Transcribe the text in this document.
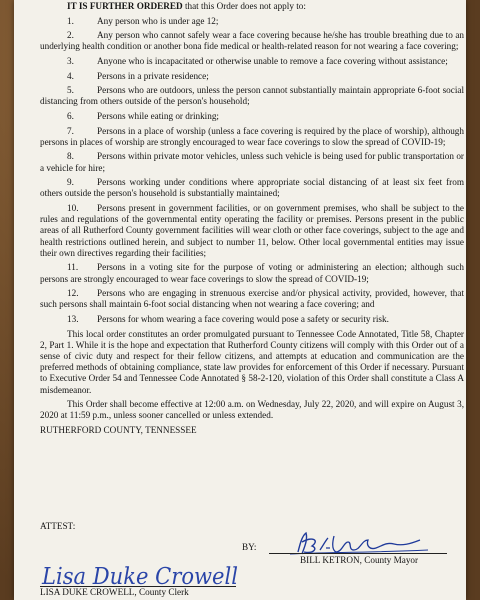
IT IS FURTHER ORDERED that this Order does not apply to:

1.	Any person who is under age 12;

2.	Any person who cannot safely wear a face covering because he/she has trouble breathing due to an underlying health condition or another bona fide medical or health-related reason for not wearing a face covering;

3.	Anyone who is incapacitated or otherwise unable to remove a face covering without assistance;

4.	Persons in a private residence;

5.	Persons who are outdoors, unless the person cannot substantially maintain appropriate 6-foot social distancing from others outside of the person's household;

6.	Persons while eating or drinking;

7.	Persons in a place of worship (unless a face covering is required by the place of worship), although persons in places of worship are strongly encouraged to wear face coverings to slow the spread of COVID-19;

8.	Persons within private motor vehicles, unless such vehicle is being used for public transportation or a vehicle for hire;

9.	Persons working under conditions where appropriate social distancing of at least six feet from others outside the person's household is substantially maintained;

10. Persons present in government facilities, or on government premises, who shall be subject to the rules and regulations of the governmental entity operating the facility or premises. Persons present in the public areas of all Rutherford County government facilities will wear cloth or other face coverings, subject to the age and health restrictions outlined herein, and subject to number 11, below. Other local governmental entities may issue their own directives regarding their facilities;

11. Persons in a voting site for the purpose of voting or administering an election; although such persons are strongly encouraged to wear face coverings to slow the spread of COVID-19;

12. Persons who are engaging in strenuous exercise and/or physical activity, provided, however, that such persons shall maintain 6-foot social distancing when not wearing a face covering; and

13. Persons for whom wearing a face covering would pose a safety or security risk.

This local order constitutes an order promulgated pursuant to Tennessee Code Annotated, Title 58, Chapter 2, Part 1. While it is the hope and expectation that Rutherford County citizens will comply with this Order out of a sense of civic duty and respect for their fellow citizens, and attempts at education and communication are the preferred methods of obtaining compliance, state law provides for enforcement of this Order if necessary. Pursuant to Executive Order 54 and Tennessee Code Annotated § 58-2-120, violation of this Order shall constitute a Class A misdemeanor.

This Order shall become effective at 12:00 a.m. on Wednesday, July 22, 2020, and will expire on August 3, 2020 at 11:59 p.m., unless sooner cancelled or unless extended.

RUTHERFORD COUNTY, TENNESSEE

ATTEST:
BY:
BILL KETRON, County Mayor
Lisa Duke Crowell
LISA DUKE CROWELL, County Clerk
